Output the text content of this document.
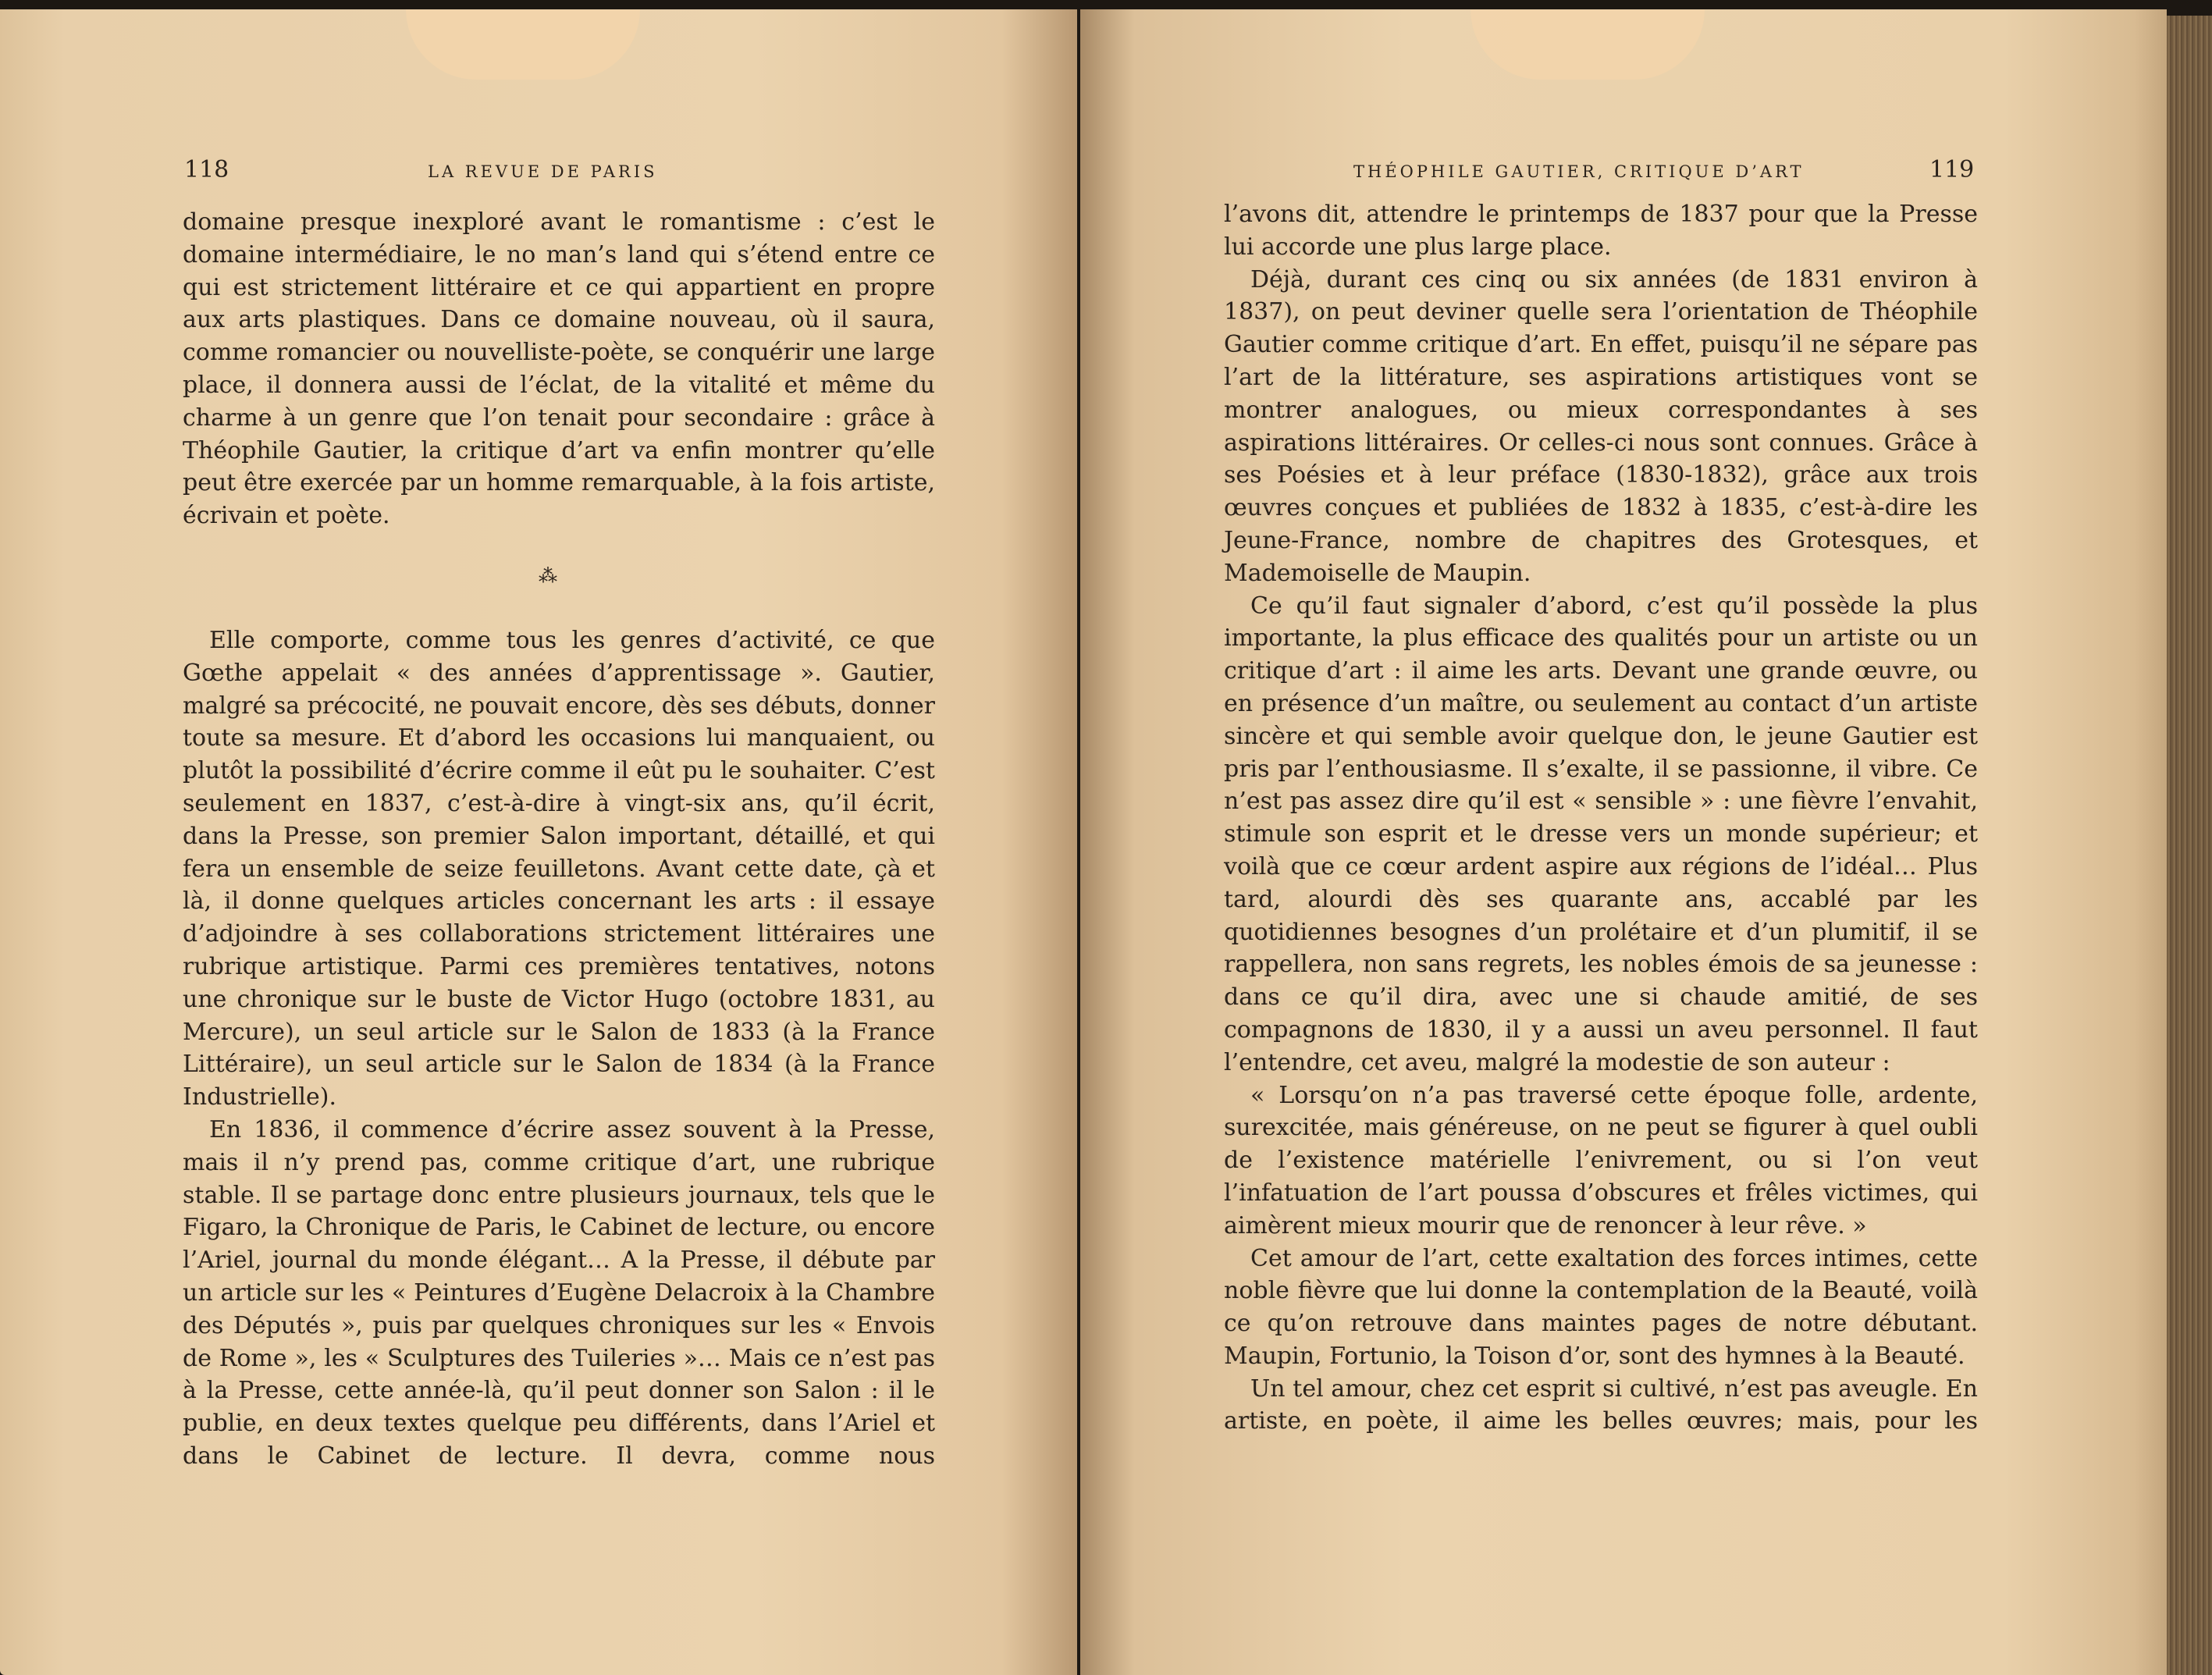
118	LA REVUE DE PARIS

domaine presque inexploré avant le romantisme : c’est le domaine intermédiaire, le no man’s land qui s’étend entre ce qui est strictement littéraire et ce qui appartient en propre aux arts plastiques. Dans ce domaine nouveau, où il saura, comme romancier ou nouvelliste-poète, se conquérir une large place, il donnera aussi de l’éclat, de la vitalité et même du charme à un genre que l’on tenait pour secondaire : grâce à Théophile Gautier, la critique d’art va enfin montrer qu’elle peut être exercée par un homme remarquable, à la fois artiste, écrivain et poète.

⁂

Elle comporte, comme tous les genres d’activité, ce que Gœthe appelait « des années d’apprentissage ». Gautier, malgré sa précocité, ne pouvait encore, dès ses débuts, donner toute sa mesure. Et d’abord les occasions lui manquaient, ou plutôt la possibilité d’écrire comme il eût pu le souhaiter. C’est seulement en 1837, c’est-à-dire à vingt-six ans, qu’il écrit, dans la Presse, son premier Salon important, détaillé, et qui fera un ensemble de seize feuilletons. Avant cette date, çà et là, il donne quelques articles concernant les arts : il essaye d’adjoindre à ses collaborations strictement littéraires une rubrique artistique. Parmi ces premières tentatives, notons une chronique sur le buste de Victor Hugo (octobre 1831, au Mercure), un seul article sur le Salon de 1833 (à la France Littéraire), un seul article sur le Salon de 1834 (à la France Industrielle).

En 1836, il commence d’écrire assez souvent à la Presse, mais il n’y prend pas, comme critique d’art, une rubrique stable. Il se partage donc entre plusieurs journaux, tels que le Figaro, la Chronique de Paris, le Cabinet de lecture, ou encore l’Ariel, journal du monde élégant… A la Presse, il débute par un article sur les « Peintures d’Eugène Delacroix à la Chambre des Députés », puis par quelques chroniques sur les « Envois de Rome », les « Sculptures des Tuileries »… Mais ce n’est pas à la Presse, cette année-là, qu’il peut donner son Salon : il le publie, en deux textes quelque peu différents, dans l’Ariel et dans le Cabinet de lecture. Il devra, comme nous

THÉOPHILE GAUTIER, CRITIQUE D’ART	119

l’avons dit, attendre le printemps de 1837 pour que la Presse lui accorde une plus large place.

Déjà, durant ces cinq ou six années (de 1831 environ à 1837), on peut deviner quelle sera l’orientation de Théophile Gautier comme critique d’art. En effet, puisqu’il ne sépare pas l’art de la littérature, ses aspirations artistiques vont se montrer analogues, ou mieux correspondantes à ses aspirations littéraires. Or celles-ci nous sont connues. Grâce à ses Poésies et à leur préface (1830-1832), grâce aux trois œuvres conçues et publiées de 1832 à 1835, c’est-à-dire les Jeune-France, nombre de chapitres des Grotesques, et Mademoiselle de Maupin.

Ce qu’il faut signaler d’abord, c’est qu’il possède la plus importante, la plus efficace des qualités pour un artiste ou un critique d’art : il aime les arts. Devant une grande œuvre, ou en présence d’un maître, ou seulement au contact d’un artiste sincère et qui semble avoir quelque don, le jeune Gautier est pris par l’enthousiasme. Il s’exalte, il se passionne, il vibre. Ce n’est pas assez dire qu’il est « sensible » : une fièvre l’envahit, stimule son esprit et le dresse vers un monde supérieur; et voilà que ce cœur ardent aspire aux régions de l’idéal… Plus tard, alourdi dès ses quarante ans, accablé par les quotidiennes besognes d’un prolétaire et d’un plumitif, il se rappellera, non sans regrets, les nobles émois de sa jeunesse : dans ce qu’il dira, avec une si chaude amitié, de ses compagnons de 1830, il y a aussi un aveu personnel. Il faut l’entendre, cet aveu, malgré la modestie de son auteur :

« Lorsqu’on n’a pas traversé cette époque folle, ardente, surexcitée, mais généreuse, on ne peut se figurer à quel oubli de l’existence matérielle l’enivrement, ou si l’on veut l’infatuation de l’art poussa d’obscures et frêles victimes, qui aimèrent mieux mourir que de renoncer à leur rêve. »

Cet amour de l’art, cette exaltation des forces intimes, cette noble fièvre que lui donne la contemplation de la Beauté, voilà ce qu’on retrouve dans maintes pages de notre débutant. Maupin, Fortunio, la Toison d’or, sont des hymnes à la Beauté.

Un tel amour, chez cet esprit si cultivé, n’est pas aveugle. En artiste, en poète, il aime les belles œuvres; mais, pour les
